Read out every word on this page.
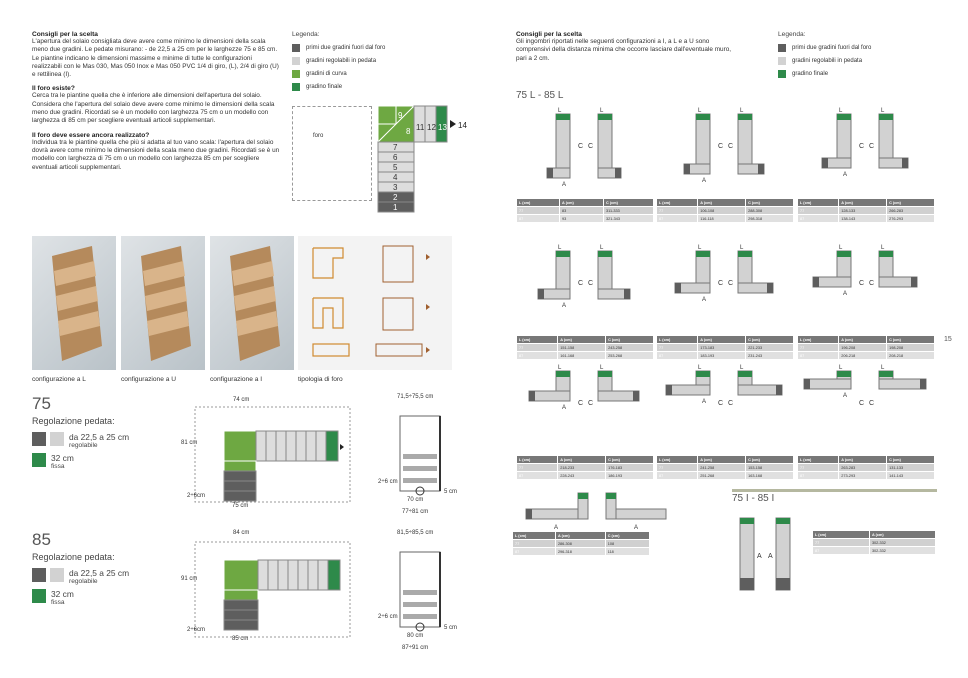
Consigli per la scelta
L'apertura del solaio consigliata deve avere come minimo le dimensioni della scala meno due gradini. Le pedate misurano: - de 22,5 a 25 cm per le larghezze 75 e 85 cm. Le piantine indicano le dimensioni massime e minime di tutte le configurazioni realizzabili con le Mas 030, Mas 050 Inox e Mas 050 PVC 1/4 di giro, (L), 2/4 di giro (U) e rettilinea (I).
Il foro esiste?
Cerca tra le piantine quella che è inferiore alle dimensioni dell'apertura del solaio. Considera che l'apertura del solaio deve avere come minimo le dimensioni della scala meno due gradini. Ricordati se è un modello con larghezza 75 cm o un modello con larghezza di 85 cm per scegliere eventuali articoli supplementari.
Il foro deve essere ancora realizzato?
Individua tra le piantine quella che più si adatta al tuo vano scala: l'apertura del solaio dovrà avere come minimo le dimensioni della scala meno due gradini. Ricordati se è un modello con larghezza di 75 cm o un modello con larghezza 85 cm per scegliere eventuali articoli supplementari.
Legenda:
primi due gradini fuori dal foro
gradini regolabili in pedata
gradini di curva
gradino finale
foro	8
9
11 12 13
7
6
5
4
3
2
1
14
configurazione a L	configurazione a U	configurazione a I	tipologia di foro
75
Regolazione pedata:
da 22,5 a 25 cm
regolabile
32 cm
fissa
74 cm
81 cm
75 cm
2÷6cm
71,5÷75,5 cm
2÷6 cm
70 cm
5 cm
77÷81 cm
85
Regolazione pedata:
da 22,5 a 25 cm
regolabile
32 cm
fissa
84 cm
91 cm
85 cm
2÷6cm
81,5÷85,5 cm
2÷6 cm
80 cm
5 cm
87÷91 cm
Consigli per la scelta
Gli ingombri riportati nelle seguenti configurazioni a I, a L e a U sono comprensivi della distanza minima che occorre lasciare dall'eventuale muro, pari a 2 cm.
Legenda:
primi due gradini fuori dal foro
gradini regolabili in pedata
gradino finale
75 L - 85 L
15
75 I - 85 I
C C
A
L	L
L (cm)	A (cm)	C (cm)
77	83	311-333
87	93	321-343
C C
A
L	L
L (cm)	A (cm)	C (cm)
77	106-108	288-308
87	116-118	298-318
C C
A
L	L
L (cm)	A (cm)	C (cm)
77	128-133	266-283
87	138-143	276-293
C C
A
L	L
L (cm)	A (cm)	C (cm)
77	151-158	243-258
87	161-168	253-268
C C
A
L	L
L (cm)	A (cm)	C (cm)
77	173-183	221-233
87	183-193	231-243
C C
A
L	L
L (cm)	A (cm)	C (cm)
77	196-208	198-208
87	206-218	208-218
C C
A
L	L
L (cm)	A (cm)	C (cm)
77	218-233	176-183
87	228-243	186-193
C C
A
L	L
L (cm)	A (cm)	C (cm)
77	241-258	153-158
87	251-268	163-168
C C
A
L	L
L (cm)	A (cm)	C (cm)
77	263-283	131-133
87	273-293	141-143
A	A
L (cm)	A (cm)	C (cm)
77	286-308	108
87	296-318	118
A A
L (cm)	A (cm)
77	302-332
87	302-332
